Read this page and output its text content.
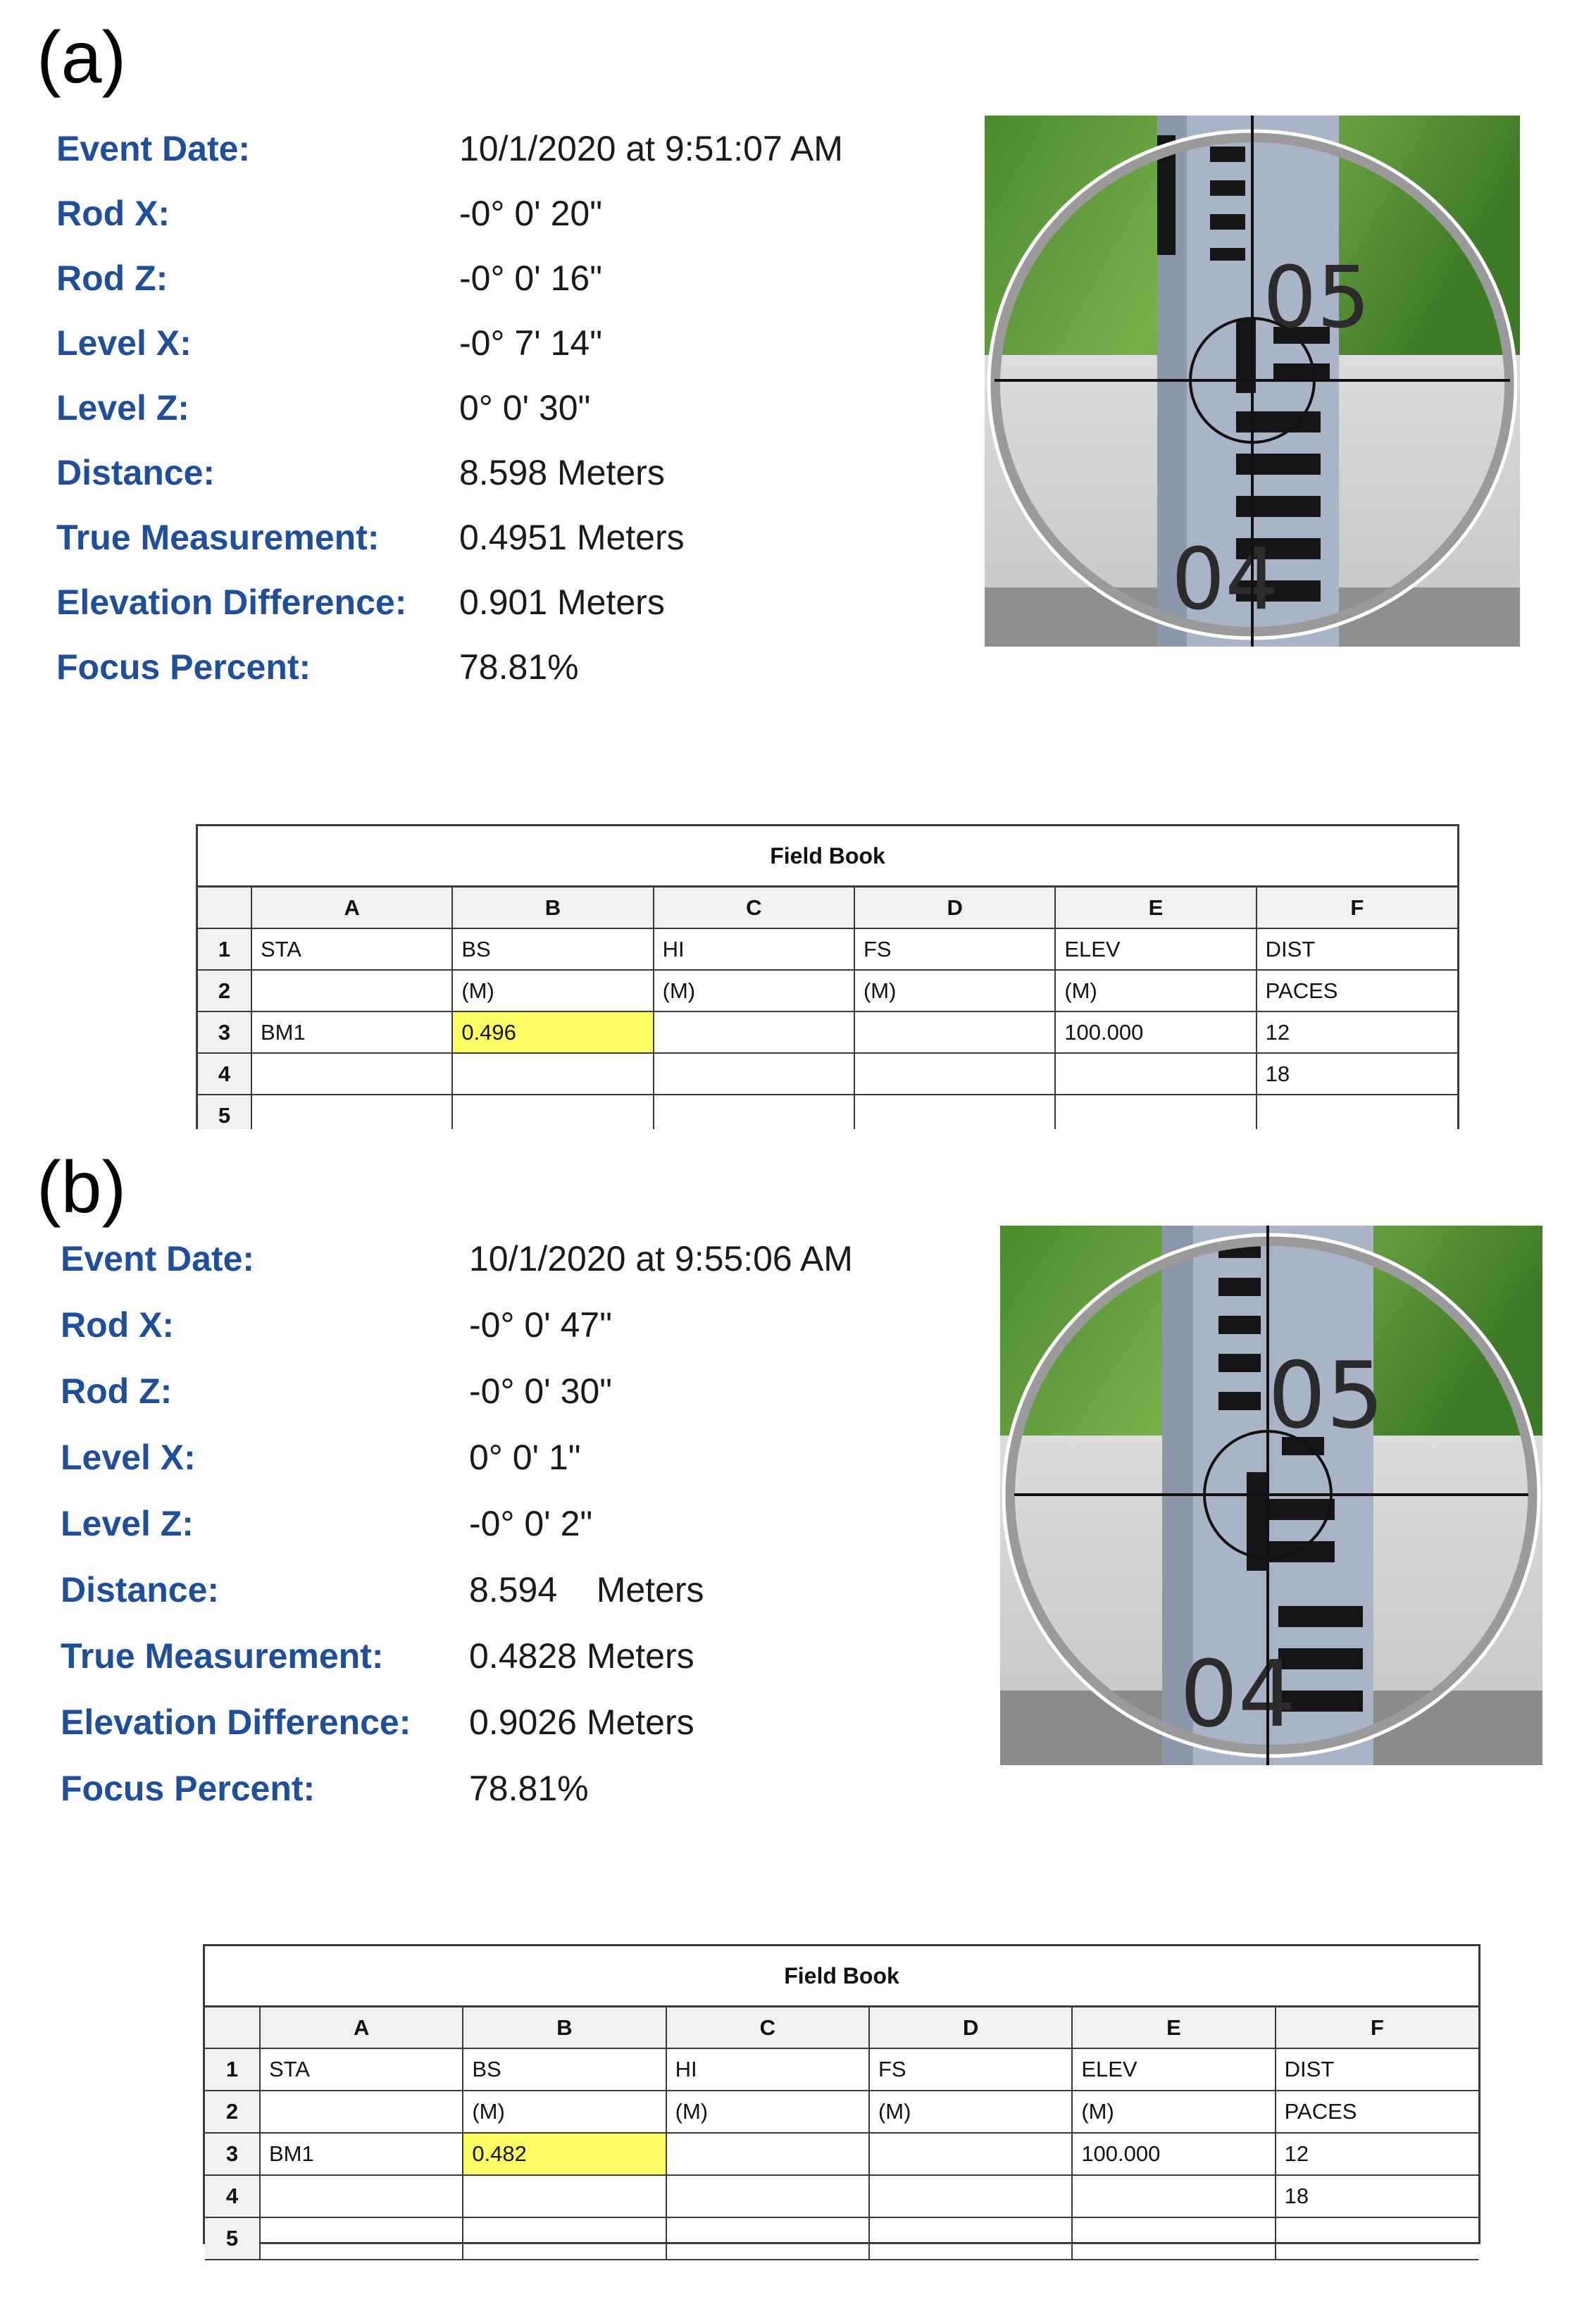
(a)
Event Date:	10/1/2020 at 9:51:07 AM
Rod X:	-0° 0' 20"
Rod Z:	-0° 0' 16"
Level X:	-0° 7' 14"
Level Z:	0° 0' 30"
Distance:	8.598 Meters
True Measurement: 0.4951 Meters
Elevation Difference: 0.901 Meters
Focus Percent:	78.81%
05
04
Field Book
	A	B	C	D	E	F
1	STA	BS	HI	FS	ELEV	DIST
2		(M)	(M)	(M)	(M)	PACES
3	BM1	0.496			100.000	12
4						18
5						
(b)
Event Date:	10/1/2020 at 9:55:06 AM
Rod X:	-0° 0' 47"
Rod Z:	-0° 0' 30"
Level X:	0° 0' 1"
Level Z:	-0° 0' 2"
Distance:	8.594    Meters
True Measurement: 0.4828 Meters
Elevation Difference: 0.9026 Meters
Focus Percent:	78.81%
05
04
Field Book
	A	B	C	D	E	F
1	STA	BS	HI	FS	ELEV	DIST
2		(M)	(M)	(M)	(M)	PACES
3	BM1	0.482			100.000	12
4						18
5						
